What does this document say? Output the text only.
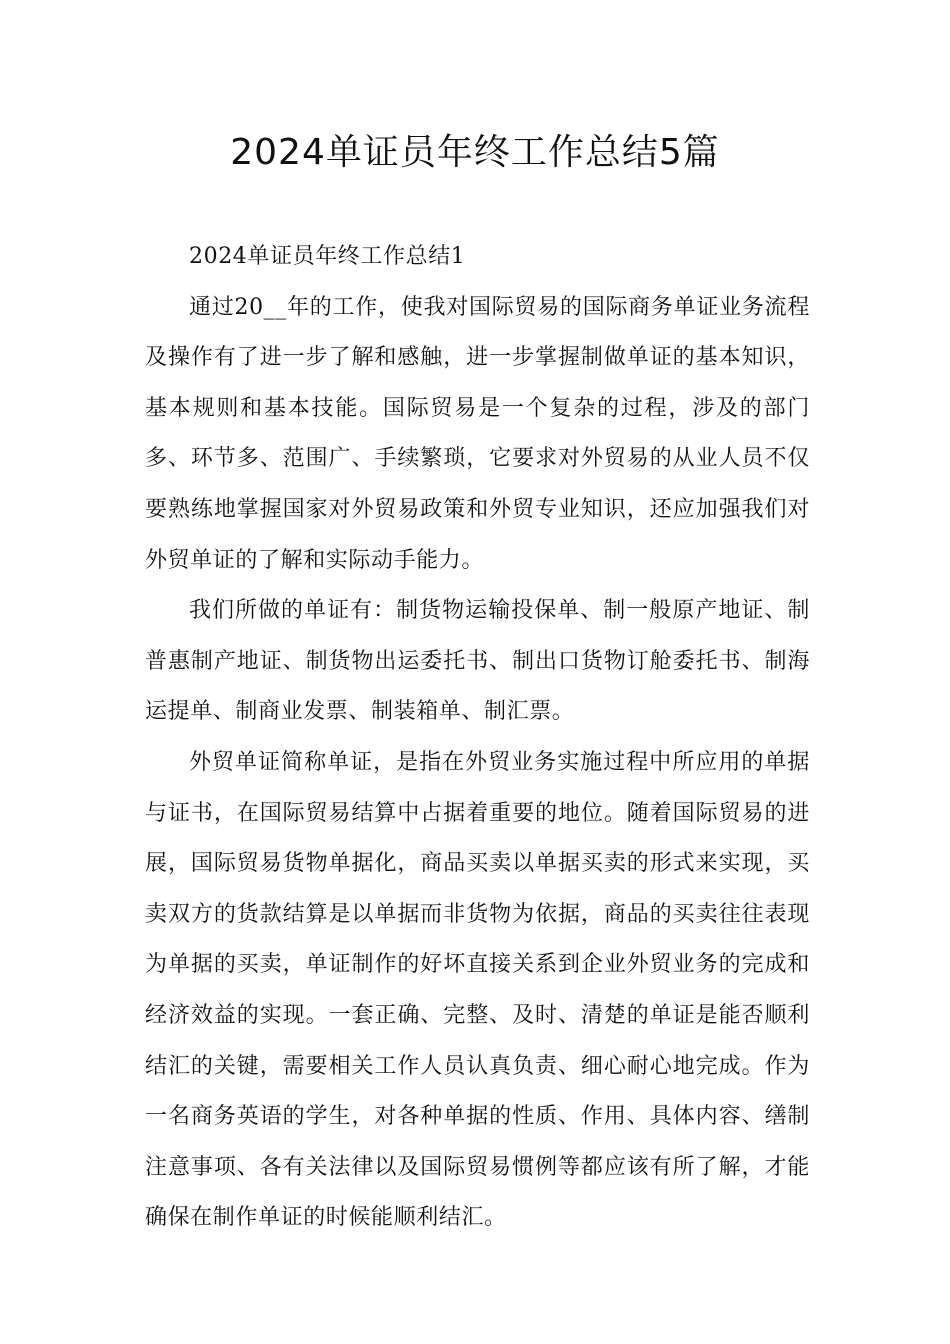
2024单证员年终工作总结5篇

2024单证员年终工作总结1

通过20__年的工作，使我对国际贸易的国际商务单证业务流程及操作有了进一步了解和感触，进一步掌握制做单证的基本知识，基本规则和基本技能。国际贸易是一个复杂的过程，涉及的部门多、环节多、范围广、手续繁琐，它要求对外贸易的从业人员不仅要熟练地掌握国家对外贸易政策和外贸专业知识，还应加强我们对外贸单证的了解和实际动手能力。

我们所做的单证有：制货物运输投保单、制一般原产地证、制普惠制产地证、制货物出运委托书、制出口货物订舱委托书、制海运提单、制商业发票、制装箱单、制汇票。

外贸单证简称单证，是指在外贸业务实施过程中所应用的单据与证书，在国际贸易结算中占据着重要的地位。随着国际贸易的进展，国际贸易货物单据化，商品买卖以单据买卖的形式来实现，买卖双方的货款结算是以单据而非货物为依据，商品的买卖往往表现为单据的买卖，单证制作的好坏直接关系到企业外贸业务的完成和经济效益的实现。一套正确、完整、及时、清楚的单证是能否顺利结汇的关键，需要相关工作人员认真负责、细心耐心地完成。作为一名商务英语的学生，对各种单据的性质、作用、具体内容、缮制注意事项、各有关法律以及国际贸易惯例等都应该有所了解，才能确保在制作单证的时候能顺利结汇。
